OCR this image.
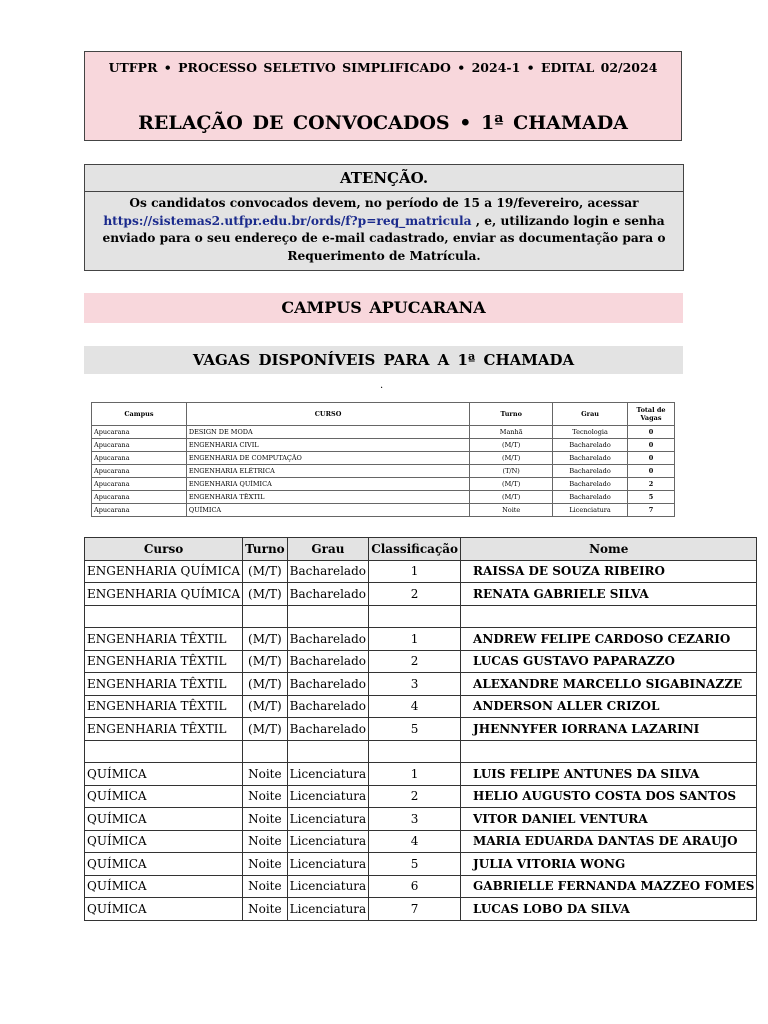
UTFPR • PROCESSO SELETIVO SIMPLIFICADO • 2024-1 • EDITAL 02/2024
RELAÇÃO DE CONVOCADOS • 1ª CHAMADA
ATENÇÃO.
Os candidatos convocados devem, no período de 15 a 19/fevereiro, acessar https://sistemas2.utfpr.edu.br/ords/f?p=req_matricula , e, utilizando login e senha enviado para o seu endereço de e-mail cadastrado, enviar as documentação para o Requerimento de Matrícula.
CAMPUS APUCARANA
VAGAS DISPONÍVEIS PARA A 1ª CHAMADA
.
Campus	CURSO	Turno	Grau	Total de Vagas
Apucarana	DESIGN DE MODA	Manhã	Tecnologia	0
Apucarana	ENGENHARIA CIVIL	(M/T)	Bacharelado	0
Apucarana	ENGENHARIA DE COMPUTAÇÃO	(M/T)	Bacharelado	0
Apucarana	ENGENHARIA ELÉTRICA	(T/N)	Bacharelado	0
Apucarana	ENGENHARIA QUÍMICA	(M/T)	Bacharelado	2
Apucarana	ENGENHARIA TÊXTIL	(M/T)	Bacharelado	5
Apucarana	QUÍMICA	Noite	Licenciatura	7
Curso	Turno	Grau	Classificação	Nome
ENGENHARIA QUÍMICA	(M/T)	Bacharelado	1	RAISSA DE SOUZA RIBEIRO
ENGENHARIA QUÍMICA	(M/T)	Bacharelado	2	RENATA GABRIELE SILVA

ENGENHARIA TÊXTIL	(M/T)	Bacharelado	1	ANDREW FELIPE CARDOSO CEZARIO
ENGENHARIA TÊXTIL	(M/T)	Bacharelado	2	LUCAS GUSTAVO PAPARAZZO
ENGENHARIA TÊXTIL	(M/T)	Bacharelado	3	ALEXANDRE MARCELLO SIGABINAZZE
ENGENHARIA TÊXTIL	(M/T)	Bacharelado	4	ANDERSON ALLER CRIZOL
ENGENHARIA TÊXTIL	(M/T)	Bacharelado	5	JHENNYFER IORRANA LAZARINI

QUÍMICA	Noite	Licenciatura	1	LUIS FELIPE ANTUNES DA SILVA
QUÍMICA	Noite	Licenciatura	2	HELIO AUGUSTO COSTA DOS SANTOS
QUÍMICA	Noite	Licenciatura	3	VITOR DANIEL VENTURA
QUÍMICA	Noite	Licenciatura	4	MARIA EDUARDA DANTAS DE ARAUJO
QUÍMICA	Noite	Licenciatura	5	JULIA VITORIA WONG
QUÍMICA	Noite	Licenciatura	6	GABRIELLE FERNANDA MAZZEO FOMES
QUÍMICA	Noite	Licenciatura	7	LUCAS LOBO DA SILVA
